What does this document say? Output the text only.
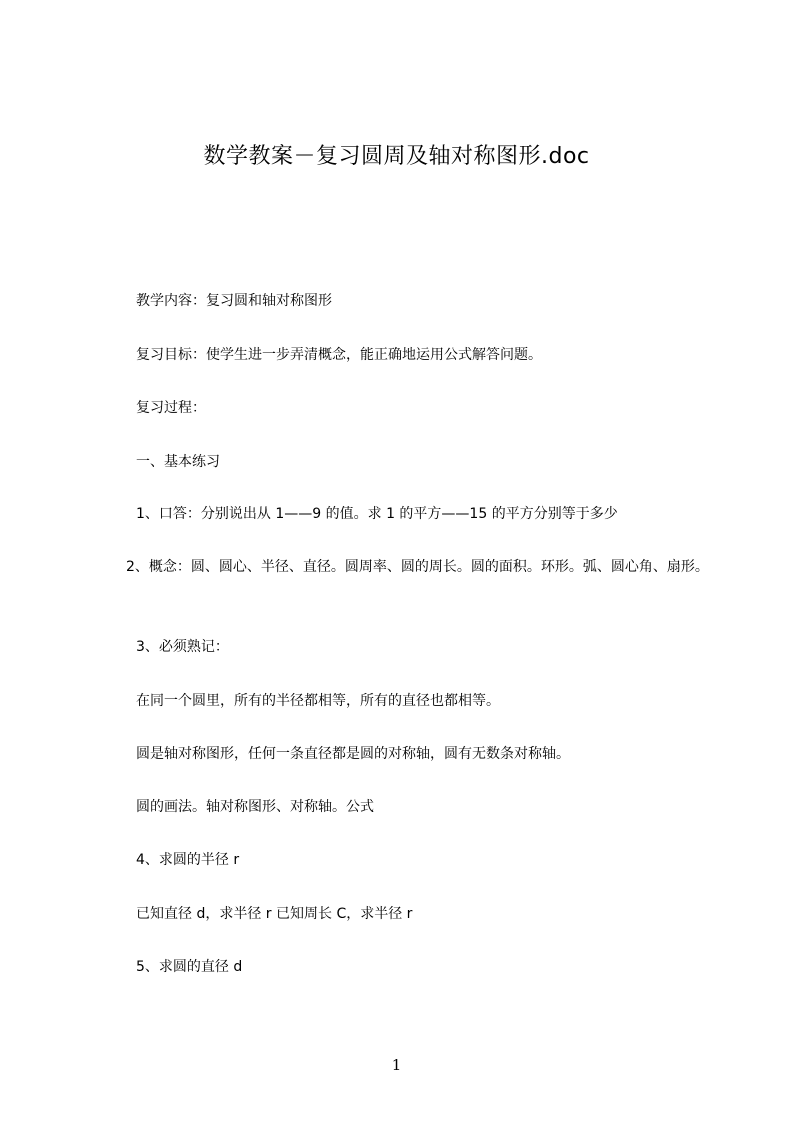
数学教案－复习圆周及轴对称图形.doc

教学内容：复习圆和轴对称图形

复习目标：使学生进一步弄清概念，能正确地运用公式解答问题。

复习过程：

一、基本练习

1、口答：分别说出从 1——9 的值。求 1 的平方——15 的平方分别等于多少

2、概念：圆、圆心、半径、直径。圆周率、圆的周长。圆的面积。环形。弧、圆心角、扇形。

3、必须熟记：

在同一个圆里，所有的半径都相等，所有的直径也都相等。

圆是轴对称图形，任何一条直径都是圆的对称轴，圆有无数条对称轴。

圆的画法。轴对称图形、对称轴。公式

4、求圆的半径 r

已知直径 d，求半径 r 已知周长 C，求半径 r

5、求圆的直径 d

1
